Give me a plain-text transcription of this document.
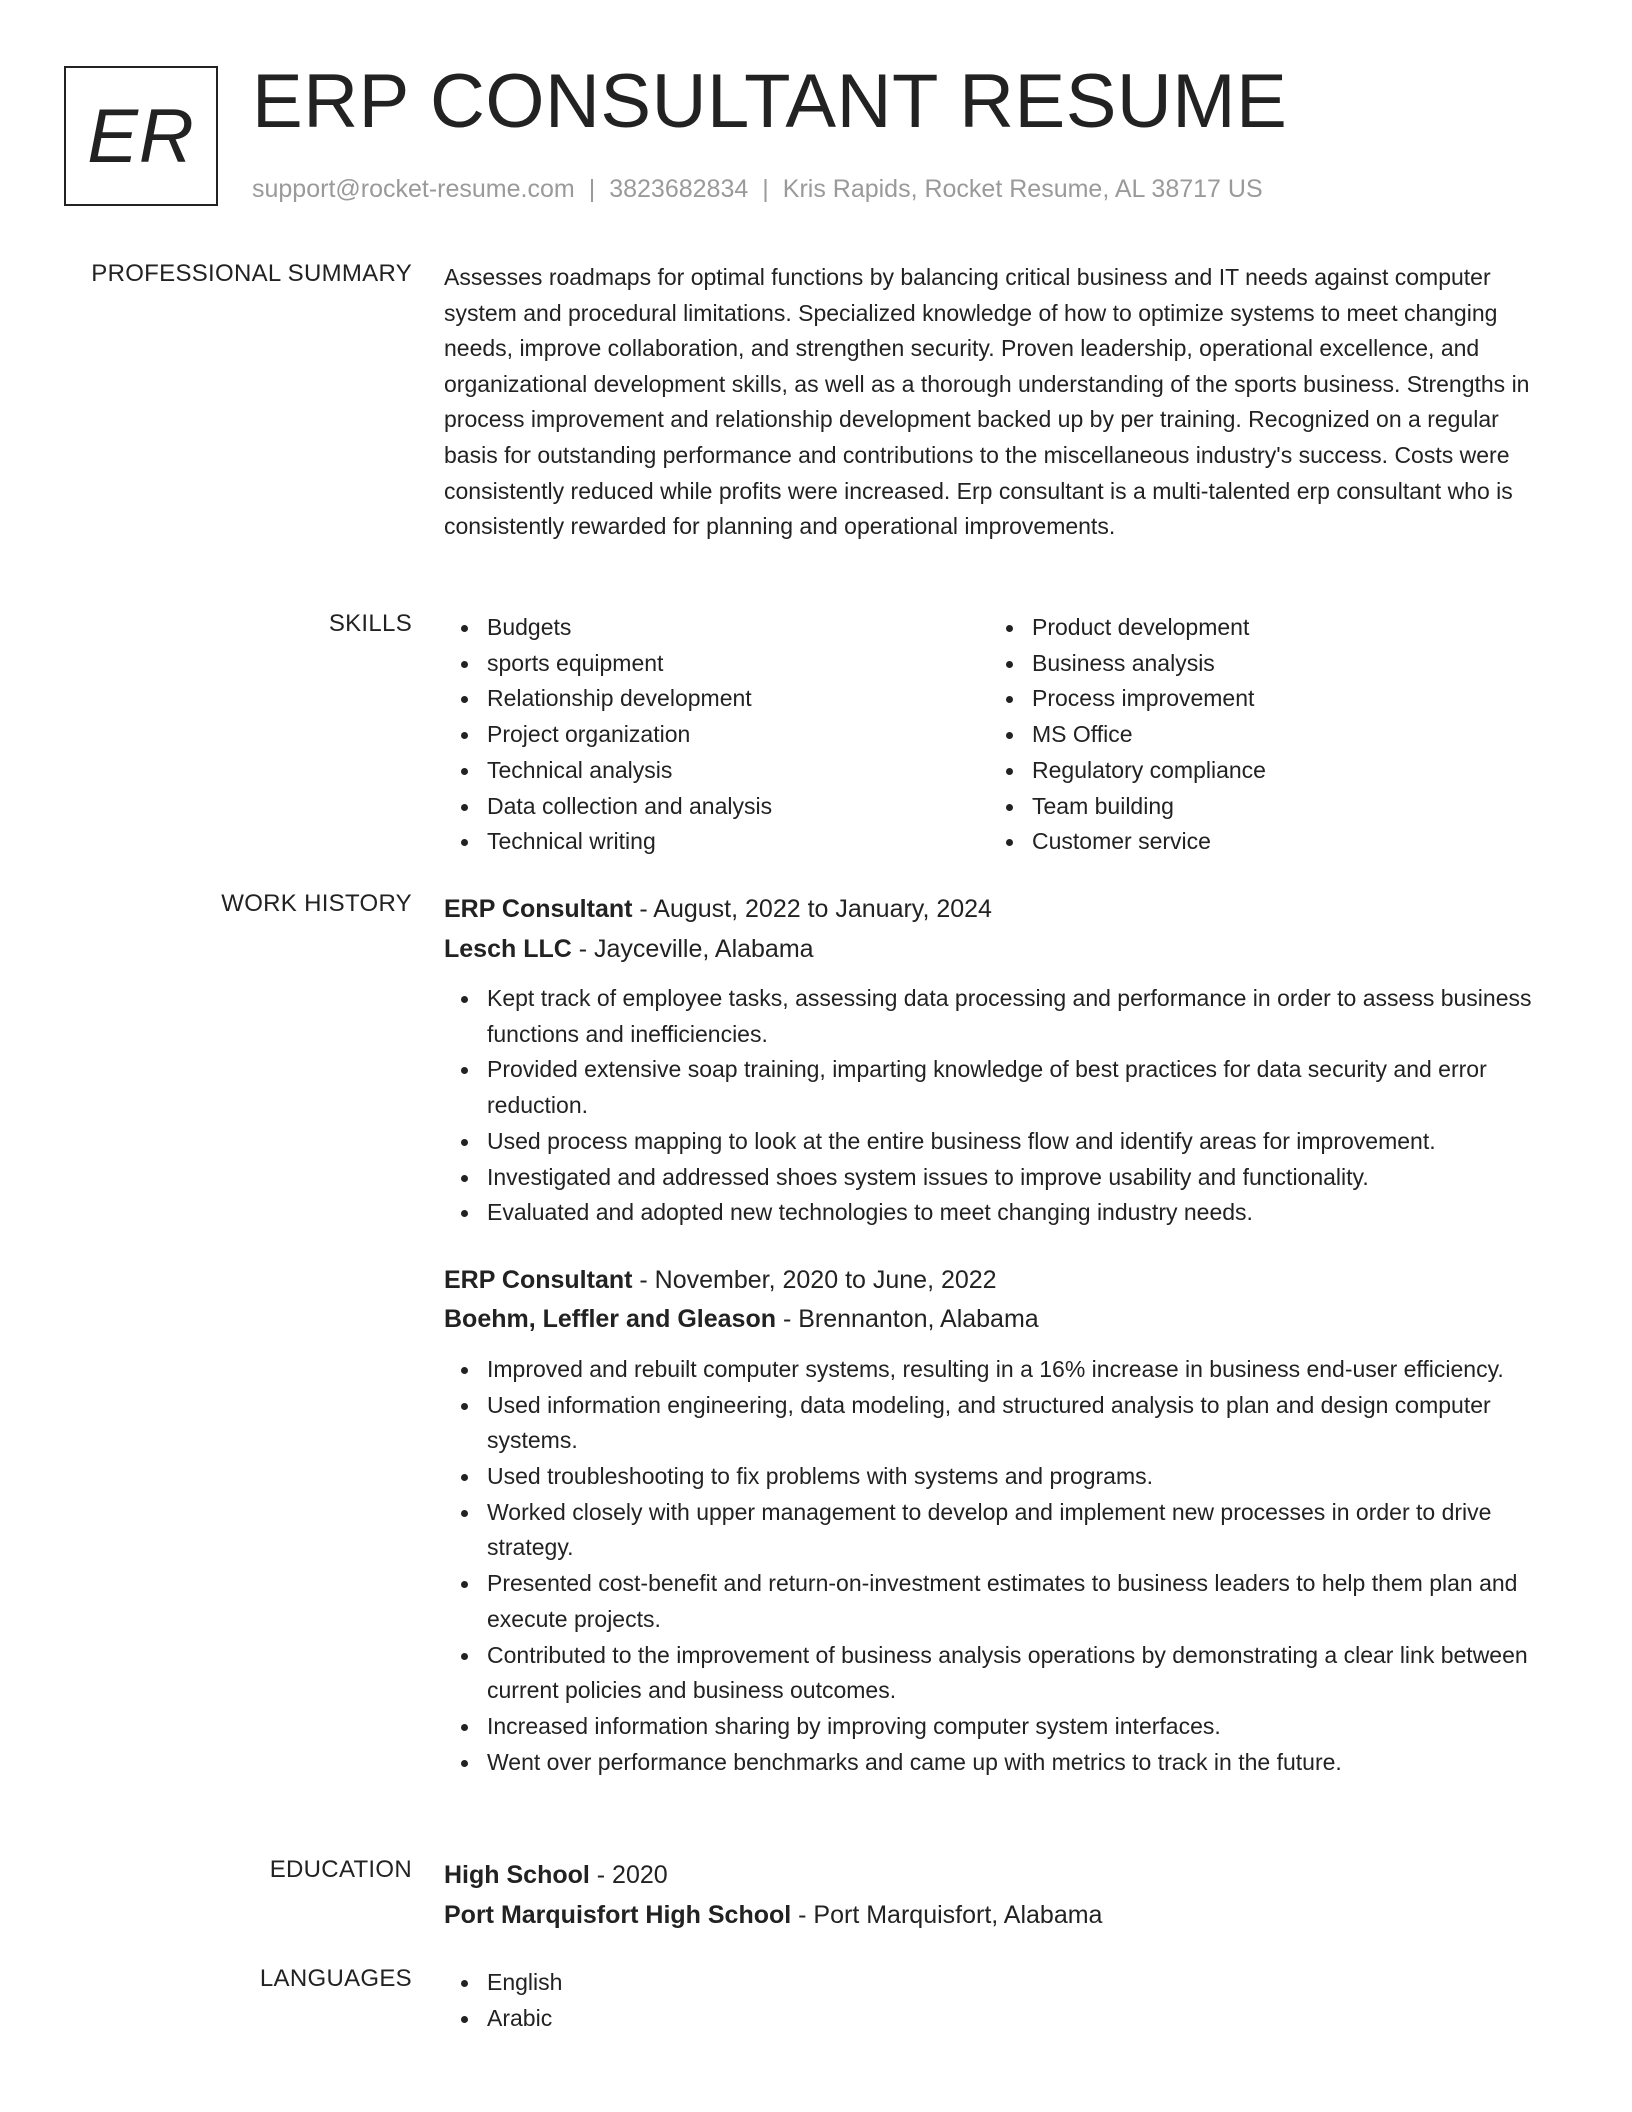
ER ERP CONSULTANT RESUME
support@rocket-resume.com | 3823682834 | Kris Rapids, Rocket Resume, AL 38717 US
PROFESSIONAL SUMMARY Assesses roadmaps for optimal functions by balancing critical business and IT needs against computer system and procedural limitations. Specialized knowledge of how to optimize systems to meet changing needs, improve collaboration, and strengthen security. Proven leadership, operational excellence, and organizational development skills, as well as a thorough understanding of the sports business. Strengths in process improvement and relationship development backed up by per training. Recognized on a regular basis for outstanding performance and contributions to the miscellaneous industry's success. Costs were consistently reduced while profits were increased. Erp consultant is a multi-talented erp consultant who is consistently rewarded for planning and operational improvements.

SKILLS	Budgets
sports equipment
Relationship development
Project organization
Technical analysis
Data collection and analysis
Technical writing
Product development
Business analysis
Process improvement
MS Office
Regulatory compliance
Team building
Customer service
WORK HISTORY ERP Consultant - August, 2022 to January, 2024
Lesch LLC - Jayceville, Alabama
Kept track of employee tasks, assessing data processing and performance in order to assess business functions and inefficiencies.
Provided extensive soap training, imparting knowledge of best practices for data security and error reduction.
Used process mapping to look at the entire business flow and identify areas for improvement.
Investigated and addressed shoes system issues to improve usability and functionality.
Evaluated and adopted new technologies to meet changing industry needs.
ERP Consultant - November, 2020 to June, 2022
Boehm, Leffler and Gleason - Brennanton, Alabama
Improved and rebuilt computer systems, resulting in a 16% increase in business end-user efficiency.
Used information engineering, data modeling, and structured analysis to plan and design computer systems.
Used troubleshooting to fix problems with systems and programs.
Worked closely with upper management to develop and implement new processes in order to drive strategy.
Presented cost-benefit and return-on-investment estimates to business leaders to help them plan and execute projects.
Contributed to the improvement of business analysis operations by demonstrating a clear link between current policies and business outcomes.
Increased information sharing by improving computer system interfaces.
Went over performance benchmarks and came up with metrics to track in the future.
EDUCATION High School - 2020
Port Marquisfort High School - Port Marquisfort, Alabama
LANGUAGES	English
Arabic
